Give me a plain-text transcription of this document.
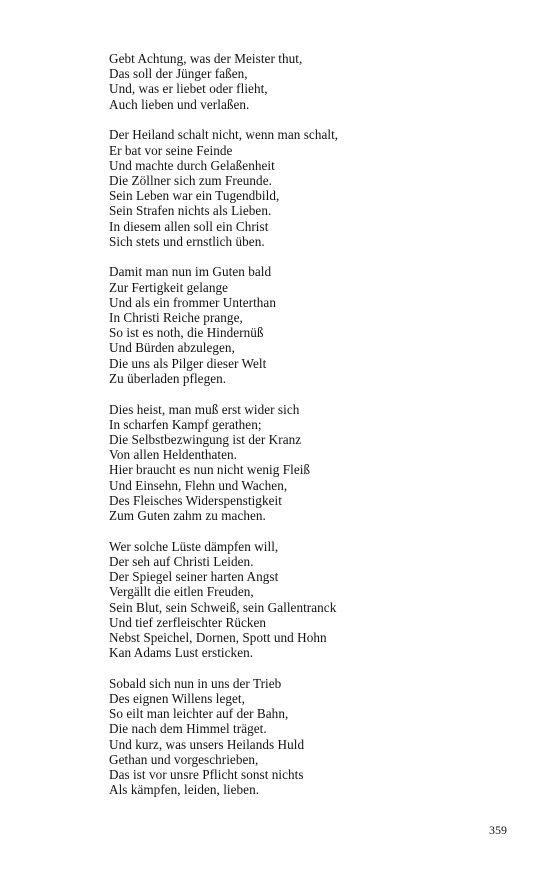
Gebt Achtung, was der Meister thut,
Das soll der Jünger faßen,
Und, was er liebet oder flieht,
Auch lieben und verlaßen.
Der Heiland schalt nicht, wenn man schalt,
Er bat vor seine Feinde
Und machte durch Gelaßenheit
Die Zöllner sich zum Freunde.
Sein Leben war ein Tugendbild,
Sein Strafen nichts als Lieben.
In diesem allen soll ein Christ
Sich stets und ernstlich üben.
Damit man nun im Guten bald
Zur Fertigkeit gelange
Und als ein frommer Unterthan
In Christi Reiche prange,
So ist es noth, die Hindernüß
Und Bürden abzulegen,
Die uns als Pilger dieser Welt
Zu überladen pflegen.
Dies heist, man muß erst wider sich
In scharfen Kampf gerathen;
Die Selbstbezwingung ist der Kranz
Von allen Heldenthaten.
Hier braucht es nun nicht wenig Fleiß
Und Einsehn, Flehn und Wachen,
Des Fleisches Widerspenstigkeit
Zum Guten zahm zu machen.
Wer solche Lüste dämpfen will,
Der seh auf Christi Leiden.
Der Spiegel seiner harten Angst
Vergällt die eitlen Freuden,
Sein Blut, sein Schweiß, sein Gallentranck
Und tief zerfleischter Rücken
Nebst Speichel, Dornen, Spott und Hohn
Kan Adams Lust ersticken.
Sobald sich nun in uns der Trieb
Des eignen Willens leget,
So eilt man leichter auf der Bahn,
Die nach dem Himmel träget.
Und kurz, was unsers Heilands Huld
Gethan und vorgeschrieben,
Das ist vor unsre Pflicht sonst nichts
Als kämpfen, leiden, lieben.
359
